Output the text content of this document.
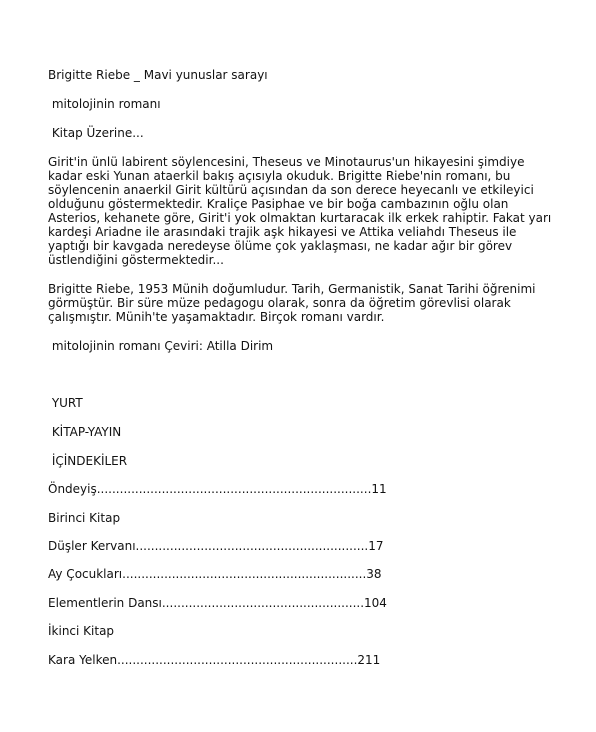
Brigitte Riebe _ Mavi yunuslar sarayı
mitolojinin romanı
Kitap Üzerine...
Girit'in ünlü labirent söylencesini, Theseus ve Minotaurus'un hikayesini şimdiye kadar eski Yunan ataerkil bakış açısıyla okuduk. Brigitte Riebe'nin romanı, bu söylencenin anaerkil Girit kültürü açısından da son derece heyecanlı ve etkileyici olduğunu göstermektedir. Kraliçe Pasiphae ve bir boğa cambazının oğlu olan Asterios, kehanete göre, Girit'i yok olmaktan kurtaracak ilk erkek rahiptir. Fakat yarı kardeşi Ariadne ile arasındaki trajik aşk hikayesi ve Attika veliahdı Theseus ile yaptığı bir kavgada neredeyse ölüme çok yaklaşması, ne kadar ağır bir görev üstlendiğini göstermektedir...
Brigitte Riebe, 1953 Münih doğumludur. Tarih, Germanistik, Sanat Tarihi öğrenimi görmüştür. Bir süre müze pedagogu olarak, sonra da öğretim görevlisi olarak çalışmıştır. Münih'te yaşamaktadır. Birçok romanı vardır.
mitolojinin romanı Çeviri: Atilla Dirim
YURT
KİTAP-YAYIN
İÇİNDEKİLER
Öndeyiş........................................................................11
Birinci Kitap
Düşler Kervanı.............................................................17
Ay Çocukları................................................................38
Elementlerin Dansı.....................................................104
İkinci Kitap
Kara Yelken...............................................................211
